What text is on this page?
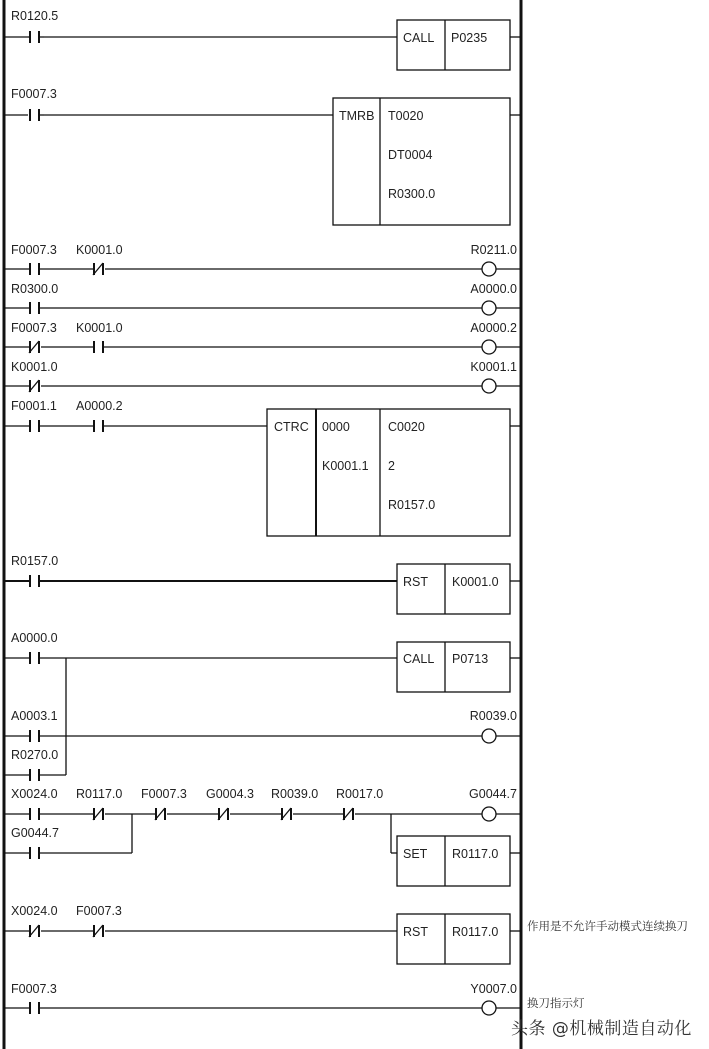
R0120.5
F0007.3
F0007.3 K0001.0
R0300.0
F0007.3 K0001.0
K0001.0
F0001.1 A0000.2
R0157.0
A0000.0
A0003.1
R0270.0
X0024.0 R0117.0 F0007.3 G0004.3 R0039.0 R0017.0
G0044.7
X0024.0 F0007.3
F0007.3
R0211.0
A0000.0
A0000.2
K0001.1
R0039.0
G0044.7
Y0007.0
CALL P0235
TMRB T0020
DT0004
R0300.0
CTRC 0000
K0001.1
C0020
2
R0157.0
RST K0001.0
CALL P0713
SET R0117.0
RST R0117.0 作用是不允许手动模式连续换刀
换刀指示灯
头条 @机械制造自动化
